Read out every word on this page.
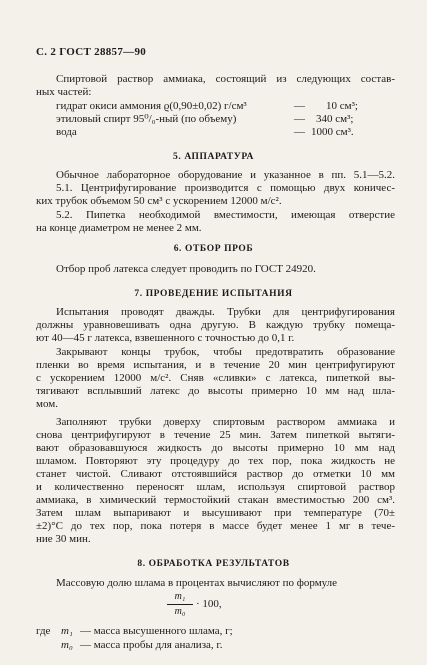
С. 2 ГОСТ 28857—90
Спиртовой раствор аммиака, состоящий из следующих состав-
ных частей:
гидрат окиси аммония ϱ(0,90±0,02) г/см³	— 10 см³;
этиловый спирт 95⁰/₀-ный (по объему)	— 340 см³;
вода	— 1000 см³.
5. АППАРАТУРА
Обычное лабораторное оборудование и указанное в пп. 5.1—5.2.
5.1. Центрифугирование производится с помощью двух коничес-
ких трубок объемом 50 см³ с ускорением 12000 м/с².
5.2. Пипетка необходимой вместимости, имеющая отверстие
на конце диаметром не менее 2 мм.
6. ОТБОР ПРОБ
Отбор проб латекса следует проводить по ГОСТ 24920.
7. ПРОВЕДЕНИЕ ИСПЫТАНИЯ
Испытания проводят дважды. Трубки для центрифугирования
должны уравновешивать одна другую. В каждую трубку помеща-
ют 40—45 г латекса, взвешенного с точностью до 0,1 г.
Закрывают концы трубок, чтобы предотвратить образование
пленки во время испытания, и в течение 20 мин центрифугируют
с ускорением 12000 м/с². Сняв «сливки» с латекса, пипеткой вы-
тягивают всплывший латекс до высоты примерно 10 мм над шла-
мом.
Заполняют трубки доверху спиртовым раствором аммиака и
снова центрифугируют в течение 25 мин. Затем пипеткой вытяги-
вают образовавшуюся жидкость до высоты примерно 10 мм над
шламом. Повторяют эту процедуру до тех пор, пока жидкость не
станет чистой. Сливают отстоявшийся раствор до отметки 10 мм
и количественно переносят шлам, используя спиртовой раствор
аммиака, в химический термостойкий стакан вместимостью 200 см³.
Затем шлам выпаривают и высушивают при температуре (70±
±2)°С до тех пор, пока потеря в массе будет менее 1 мг в тече-
ние 30 мин.
8. ОБРАБОТКА РЕЗУЛЬТАТОВ
Массовую долю шлама в процентах вычисляют по формуле
m₁
m₀
· 100,
где m₁ — масса высушенного шлама, г;
m₀ — масса пробы для анализа, г.
